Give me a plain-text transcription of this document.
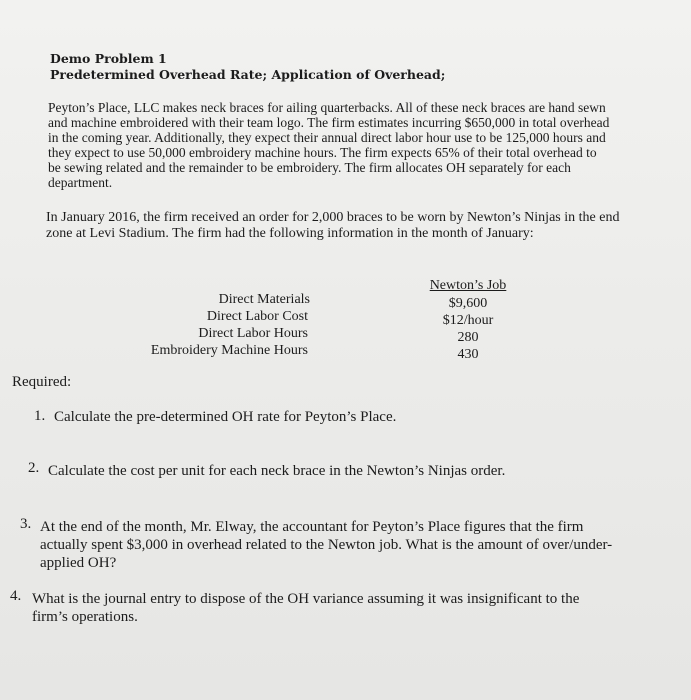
Demo Problem 1
Predetermined Overhead Rate; Application of Overhead;
Peyton’s Place, LLC makes neck braces for ailing quarterbacks. All of these neck braces are hand sewn
and machine embroidered with their team logo. The firm estimates incurring $650,000 in total overhead
in the coming year. Additionally, they expect their annual direct labor hour use to be 125,000 hours and
they expect to use 50,000 embroidery machine hours. The firm expects 65% of their total overhead to
be sewing related and the remainder to be embroidery. The firm allocates OH separately for each
department.
In January 2016, the firm received an order for 2,000 braces to be worn by Newton’s Ninjas in the end
zone at Levi Stadium. The firm had the following information in the month of January:
Newton’s Job
Direct Materials	$9,600
Direct Labor Cost	$12/hour
Direct Labor Hours	280
Embroidery Machine Hours	430
Required:
1. Calculate the pre-determined OH rate for Peyton’s Place.
2. Calculate the cost per unit for each neck brace in the Newton’s Ninjas order.
3. At the end of the month, Mr. Elway, the accountant for Peyton’s Place figures that the firm
actually spent $3,000 in overhead related to the Newton job. What is the amount of over/under-
applied OH?
4. What is the journal entry to dispose of the OH variance assuming it was insignificant to the
firm’s operations.
